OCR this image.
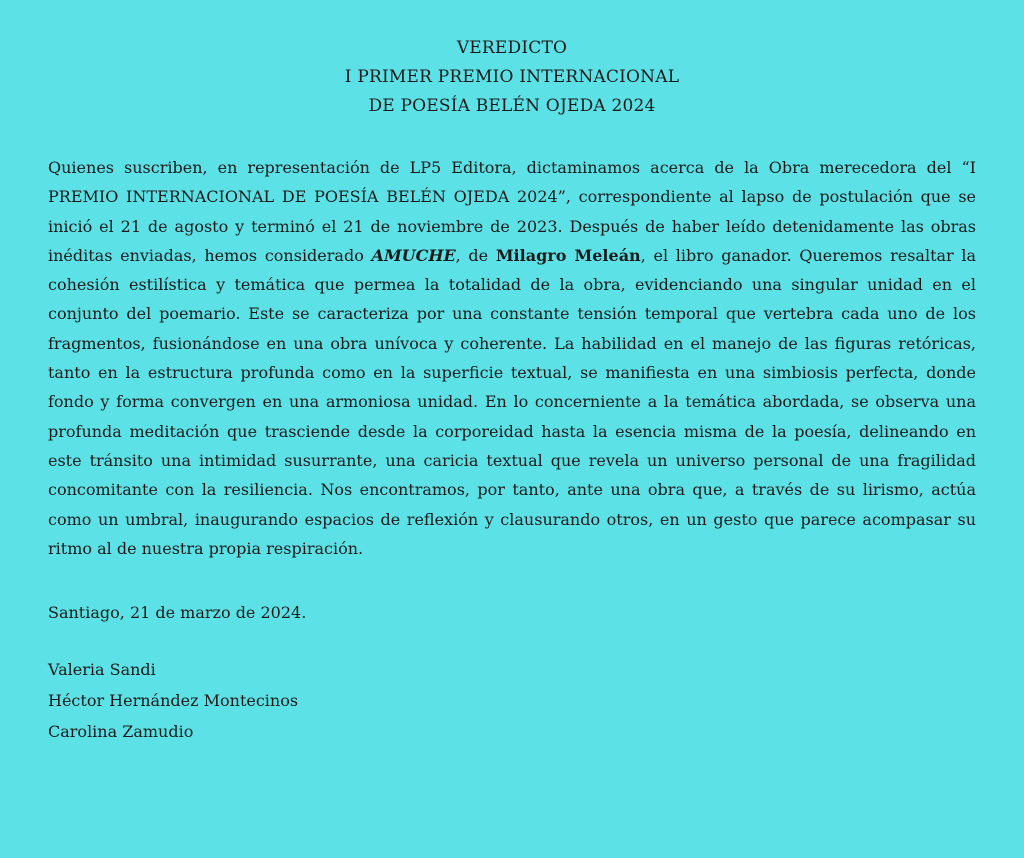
VEREDICTO
I PRIMER PREMIO INTERNACIONAL
DE POESÍA BELÉN OJEDA 2024

Quienes suscriben, en representación de LP5 Editora, dictaminamos acerca de la Obra merecedora del “I PREMIO INTERNACIONAL DE POESÍA BELÉN OJEDA 2024”, correspondiente al lapso de postulación que se inició el 21 de agosto y terminó el 21 de noviembre de 2023. Después de haber leído detenidamente las obras inéditas enviadas, hemos considerado AMUCHE, de Milagro Meleán, el libro ganador. Queremos resaltar la cohesión estilística y temática que permea la totalidad de la obra, evidenciando una singular unidad en el conjunto del poemario. Este se caracteriza por una constante tensión temporal que vertebra cada uno de los fragmentos, fusionándose en una obra unívoca y coherente. La habilidad en el manejo de las figuras retóricas, tanto en la estructura profunda como en la superficie textual, se manifiesta en una simbiosis perfecta, donde fondo y forma convergen en una armoniosa unidad. En lo concerniente a la temática abordada, se observa una profunda meditación que trasciende desde la corporeidad hasta la esencia misma de la poesía, delineando en este tránsito una intimidad susurrante, una caricia textual que revela un universo personal de una fragilidad concomitante con la resiliencia. Nos encontramos, por tanto, ante una obra que, a través de su lirismo, actúa como un umbral, inaugurando espacios de reflexión y clausurando otros, en un gesto que parece acompasar su ritmo al de nuestra propia respiración.

Santiago, 21 de marzo de 2024.

Valeria Sandi
Héctor Hernández Montecinos
Carolina Zamudio
